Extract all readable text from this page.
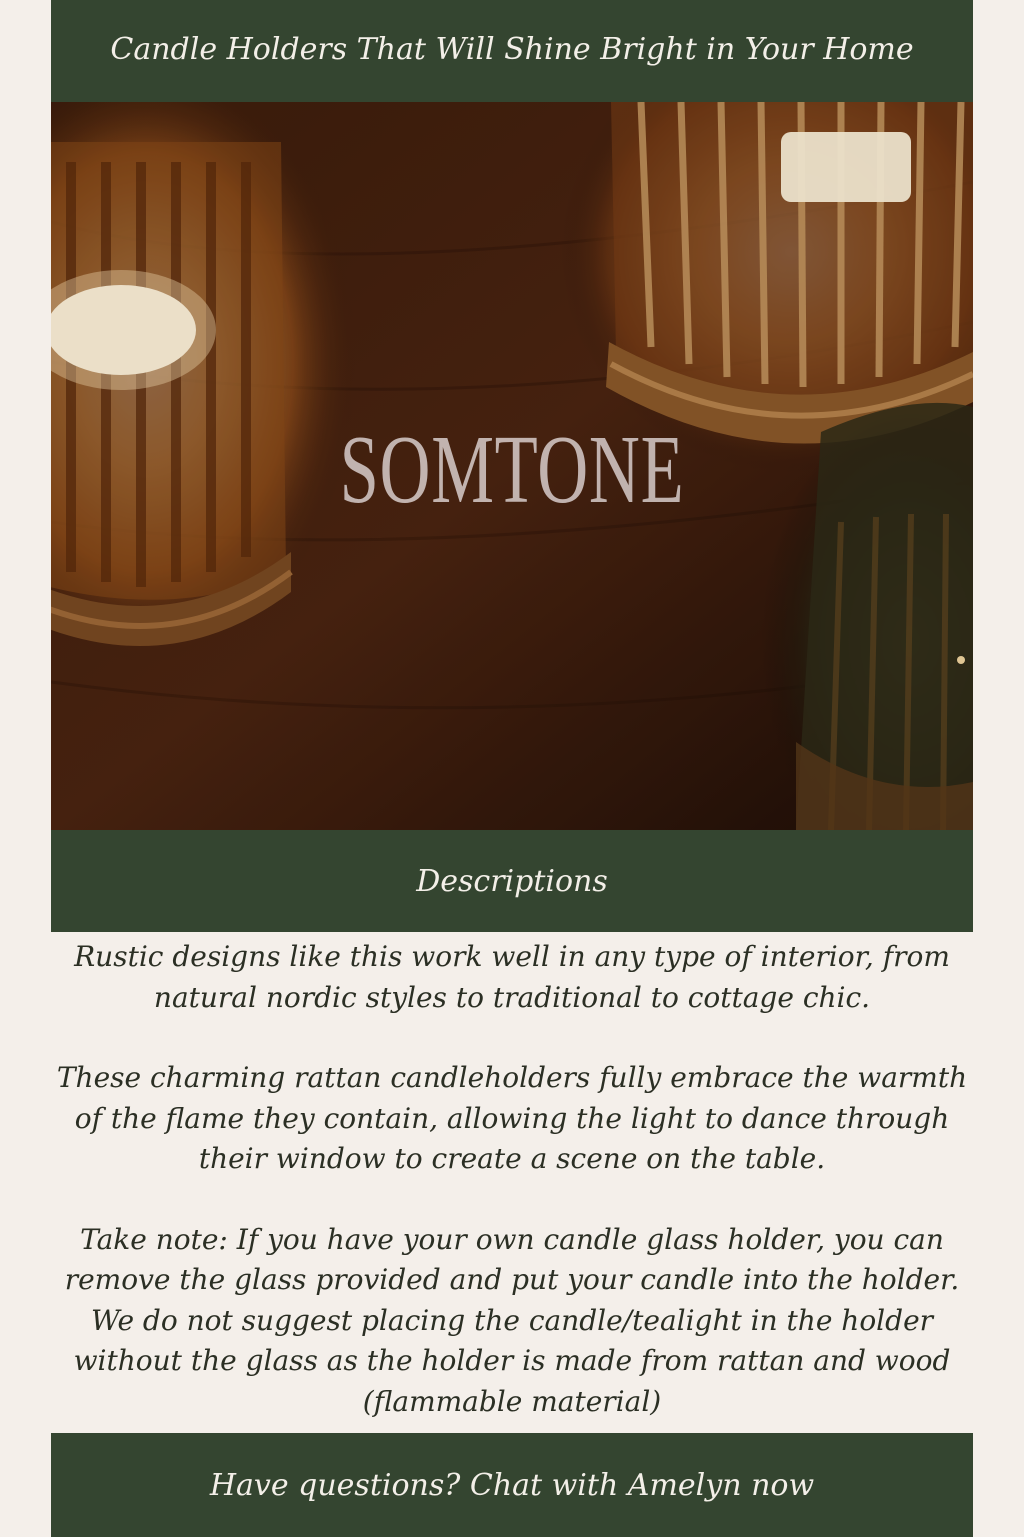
Candle Holders That Will Shine Bright in Your Home
SOMTONE
Descriptions

Rustic designs like this work well in any type of interior, from natural nordic styles to traditional to cottage chic.

These charming rattan candleholders fully embrace the warmth of the flame they contain, allowing the light to dance through their window to create a scene on the table.

Take note: If you have your own candle glass holder, you can remove the glass provided and put your candle into the holder. We do not suggest placing the candle/tealight in the holder without the glass as the holder is made from rattan and wood (flammable material)

Have questions? Chat with Amelyn now
